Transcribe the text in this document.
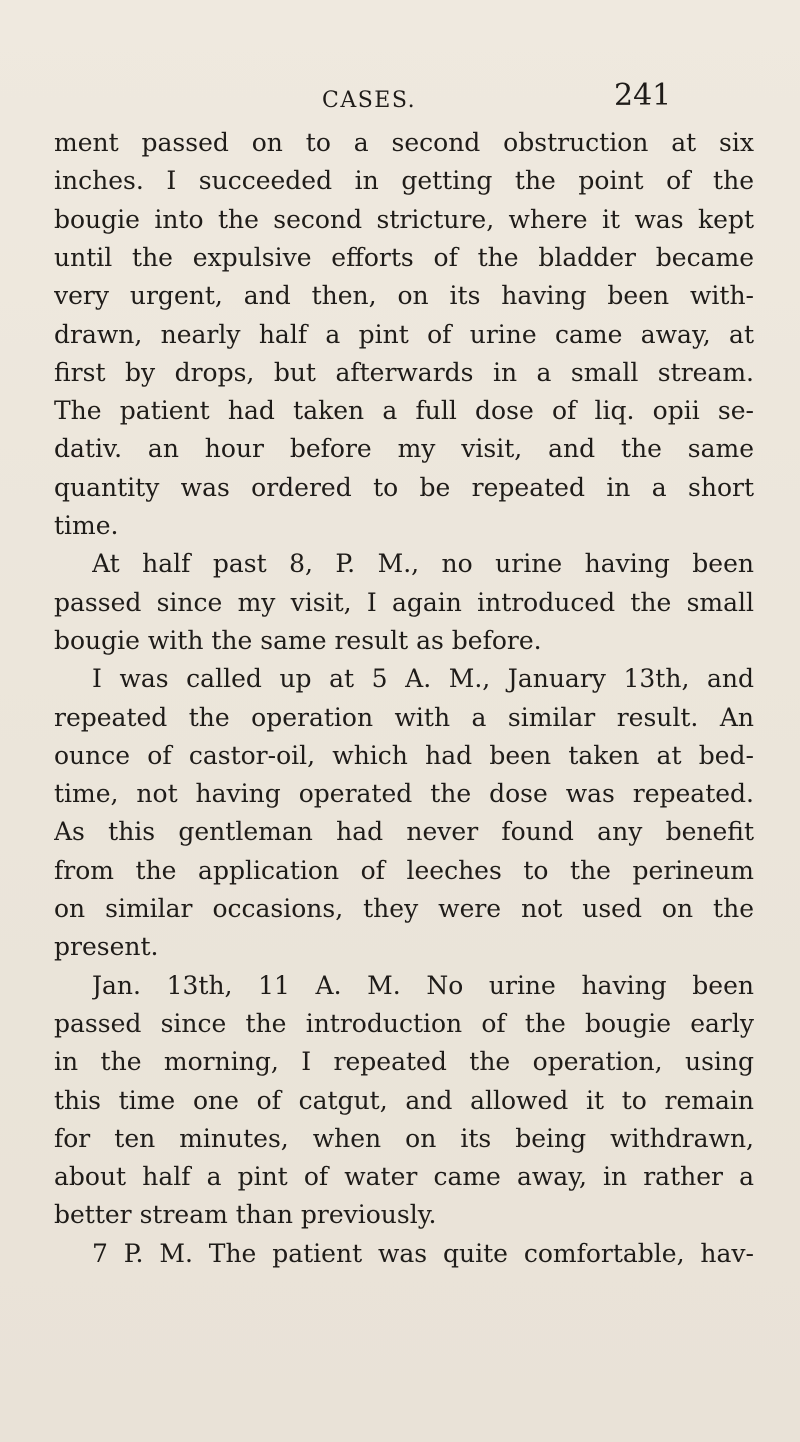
CASES.	241
ment passed on to a second obstruction at six
inches. I succeeded in getting the point of the
bougie into the second stricture, where it was kept
until the expulsive efforts of the bladder became
very urgent, and then, on its having been with-
drawn, nearly half a pint of urine came away, at
first by drops, but afterwards in a small stream.
The patient had taken a full dose of liq. opii se-
dativ. an hour before my visit, and the same
quantity was ordered to be repeated in a short
time.
At half past 8, P. M., no urine having been
passed since my visit, I again introduced the small
bougie with the same result as before.
I was called up at 5 A. M., January 13th, and
repeated the operation with a similar result. An
ounce of castor-oil, which had been taken at bed-
time, not having operated the dose was repeated.
As this gentleman had never found any benefit
from the application of leeches to the perineum
on similar occasions, they were not used on the
present.
Jan. 13th, 11 A. M. No urine having been
passed since the introduction of the bougie early
in the morning, I repeated the operation, using
this time one of catgut, and allowed it to remain
for ten minutes, when on its being withdrawn,
about half a pint of water came away, in rather a
better stream than previously.
7 P. M. The patient was quite comfortable, hav-
